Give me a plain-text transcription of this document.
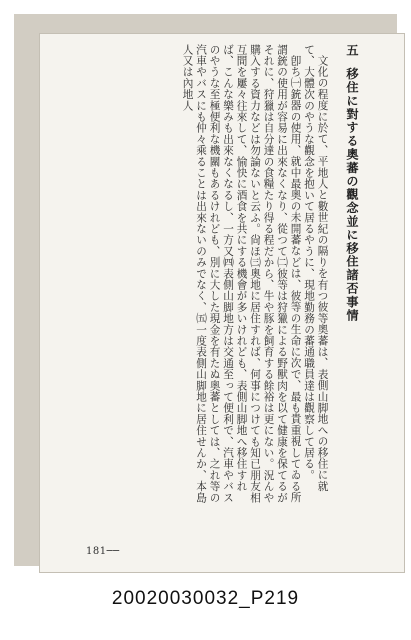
五移住に對する奧蕃の觀念並に移住諸否事情
文化の程度に於て、平地人と數世紀の隔りを有つ彼等奧蕃は、表側山脚地への移住に就て、大體次のやうな觀念を抱いて居るやうに、現地勤務の蕃通職員達は觀察して居る。
卽ち㈠銃器の使用、就中最奧の未開蕃などは、彼等の生命に次で、最も貴重視してゐる所謂銃の使用が容易に出來なくなり、從つて㈡彼等は狩獵による野獸肉を以て健康を保てるがそれに、狩獵は自分達の食糧たり得る程だから、牛や豚を飼育する餘裕は更にない。況んや購入する資力などは勿論ないと云ふ。尙ほ㈢奧地に居住すれば、何事につけても知已朋友相互間を屢々往來して、愉快に酒食を共にする機會が多いけれども、表側山脚地へ移住すれば、こんな樂みも出來なくなるし、一方又㈣表側山脚地方は交通至って便利で、汽車やバスのやうな至極便利な機關もあるけれども、別に大した現金を有たぬ奧蕃としては、之れ等の汽車やバスにも仲々乘ることは出來ないのみでなく、㈤一度表側山脚地に居住せんか、本島人又は內地人
181──
20020030032_P219
